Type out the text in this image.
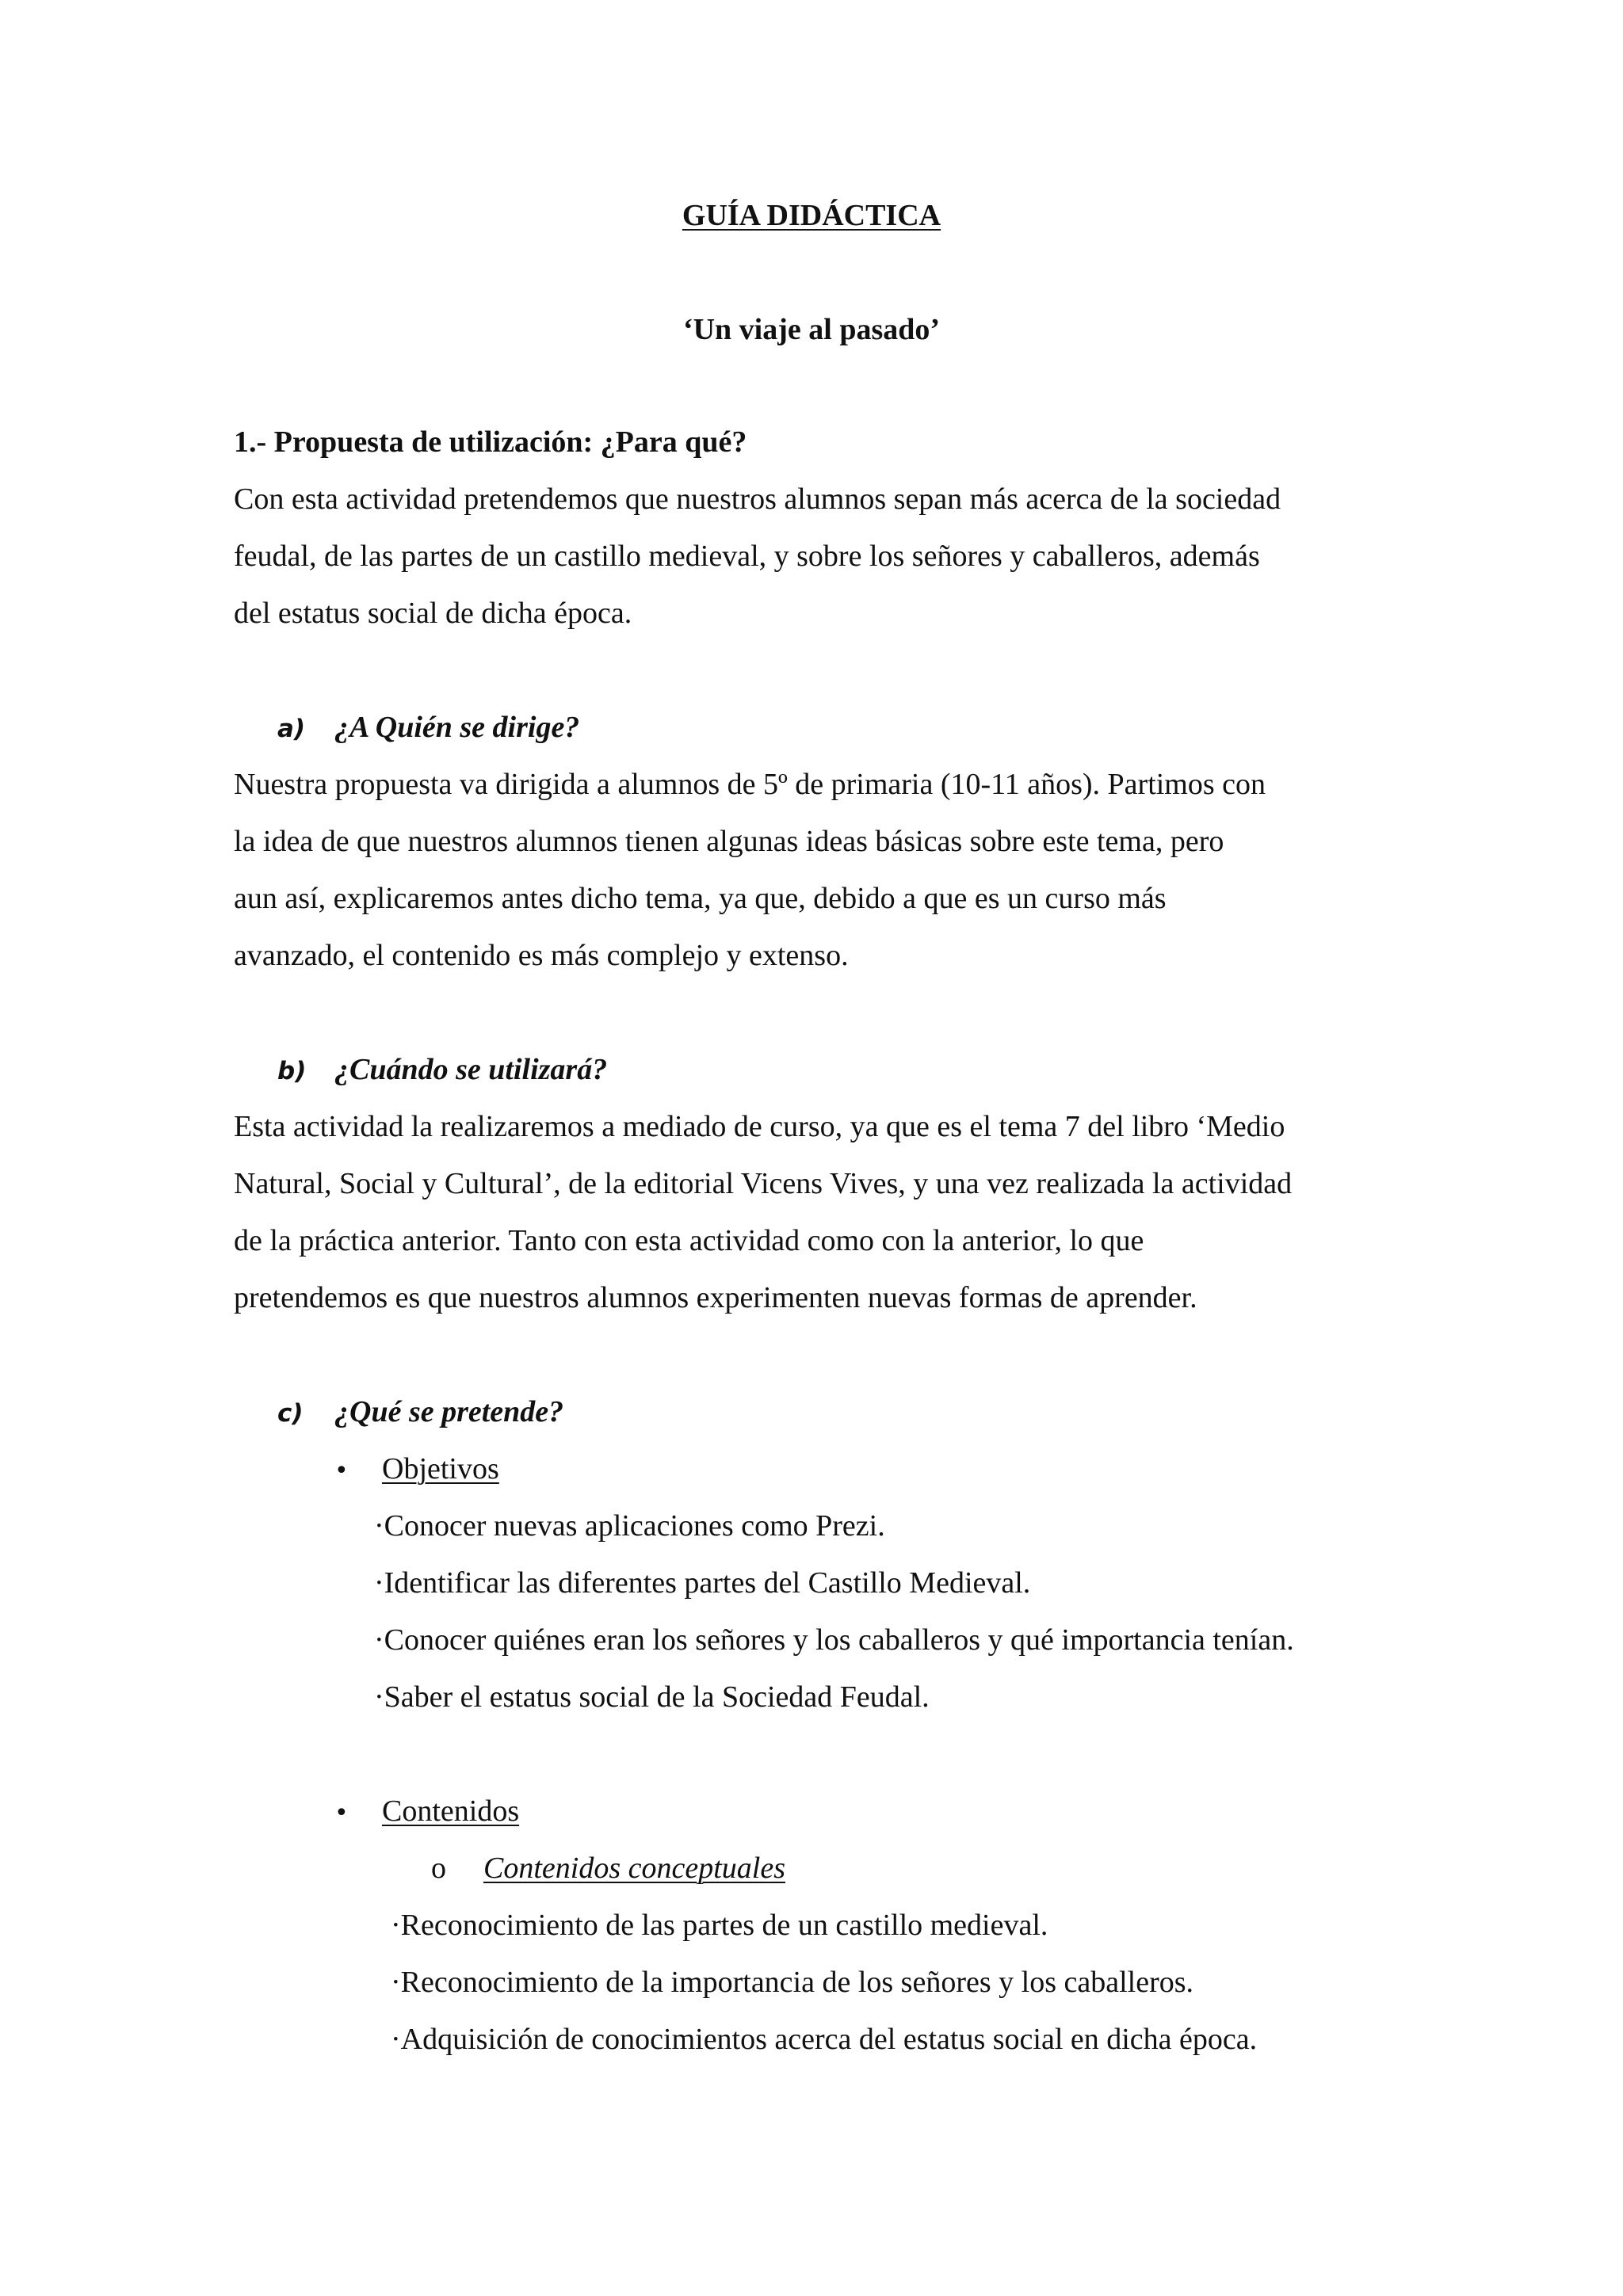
GUÍA DIDÁCTICA
‘Un viaje al pasado’
1.- Propuesta de utilización: ¿Para qué?
Con esta actividad pretendemos que nuestros alumnos sepan más acerca de la sociedad
feudal, de las partes de un castillo medieval, y sobre los señores y caballeros, además
del estatus social de dicha época.
a) ¿A Quién se dirige?
Nuestra propuesta va dirigida a alumnos de 5º de primaria (10-11 años). Partimos con
la idea de que nuestros alumnos tienen algunas ideas básicas sobre este tema, pero
aun así, explicaremos antes dicho tema, ya que, debido a que es un curso más
avanzado, el contenido es más complejo y extenso.
b) ¿Cuándo se utilizará?
Esta actividad la realizaremos a mediado de curso, ya que es el tema 7 del libro ‘Medio
Natural, Social y Cultural’, de la editorial Vicens Vives, y una vez realizada la actividad
de la práctica anterior. Tanto con esta actividad como con la anterior, lo que
pretendemos es que nuestros alumnos experimenten nuevas formas de aprender.
c) ¿Qué se pretende?
• Objetivos
·Conocer nuevas aplicaciones como Prezi.
·Identificar las diferentes partes del Castillo Medieval.
·Conocer quiénes eran los señores y los caballeros y qué importancia tenían.
·Saber el estatus social de la Sociedad Feudal.
• Contenidos
o Contenidos conceptuales
·Reconocimiento de las partes de un castillo medieval.
·Reconocimiento de la importancia de los señores y los caballeros.
·Adquisición de conocimientos acerca del estatus social en dicha época.
